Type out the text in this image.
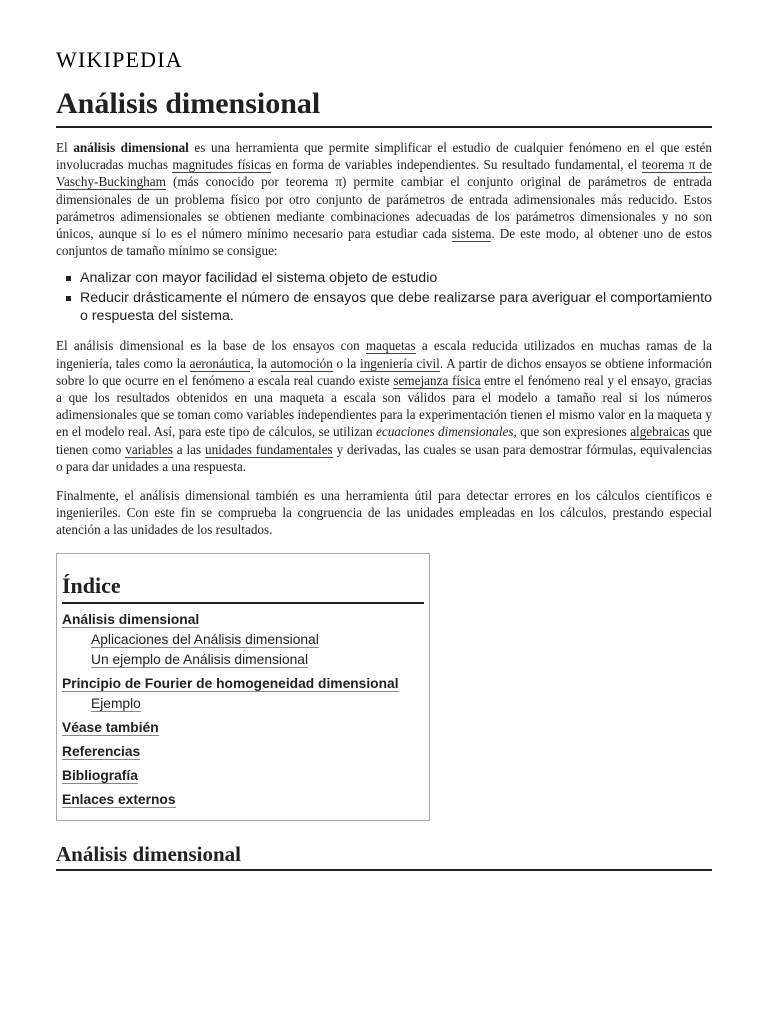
WIKIPEDIA
Análisis dimensional

El análisis dimensional es una herramienta que permite simplificar el estudio de cualquier fenómeno en el que estén involucradas muchas magnitudes físicas en forma de variables independientes. Su resultado fundamental, el teorema π de Vaschy-Buckingham (más conocido por teorema π) permite cambiar el conjunto original de parámetros de entrada dimensionales de un problema físico por otro conjunto de parámetros de entrada adimensionales más reducido. Estos parámetros adimensionales se obtienen mediante combinaciones adecuadas de los parámetros dimensionales y no son únicos, aunque sí lo es el número mínimo necesario para estudiar cada sistema. De este modo, al obtener uno de estos conjuntos de tamaño mínimo se consigue:

Analizar con mayor facilidad el sistema objeto de estudio
Reducir drásticamente el número de ensayos que debe realizarse para averiguar el comportamiento o respuesta del sistema.

El análisis dimensional es la base de los ensayos con maquetas a escala reducida utilizados en muchas ramas de la ingeniería, tales como la aeronáutica, la automoción o la ingeniería civil. A partir de dichos ensayos se obtiene información sobre lo que ocurre en el fenómeno a escala real cuando existe semejanza física entre el fenómeno real y el ensayo, gracias a que los resultados obtenidos en una maqueta a escala son válidos para el modelo a tamaño real si los números adimensionales que se toman como variables independientes para la experimentación tienen el mismo valor en la maqueta y en el modelo real. Así, para este tipo de cálculos, se utilizan ecuaciones dimensionales, que son expresiones algebraicas que tienen como variables a las unidades fundamentales y derivadas, las cuales se usan para demostrar fórmulas, equivalencias o para dar unidades a una respuesta.

Finalmente, el análisis dimensional también es una herramienta útil para detectar errores en los cálculos científicos e ingenieriles. Con este fin se comprueba la congruencia de las unidades empleadas en los cálculos, prestando especial atención a las unidades de los resultados.

Índice
Análisis dimensional
Aplicaciones del Análisis dimensional
Un ejemplo de Análisis dimensional
Principio de Fourier de homogeneidad dimensional
Ejemplo
Véase también
Referencias
Bibliografía
Enlaces externos
Análisis dimensional
